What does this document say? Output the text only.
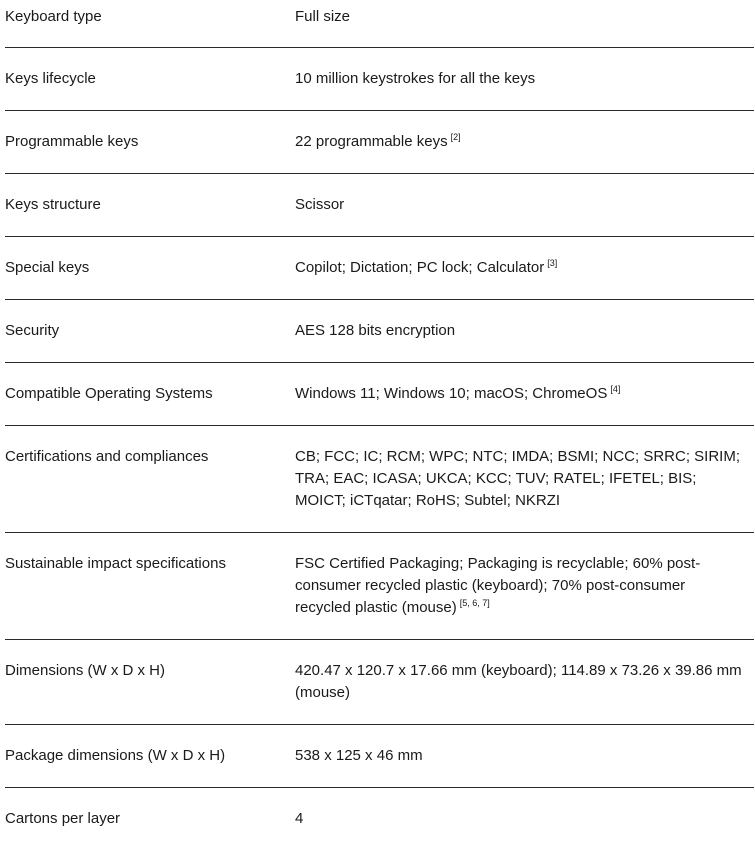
Keyboard type	Full size
Keys lifecycle	10 million keystrokes for all the keys
Programmable keys	22 programmable keys [2]
Keys structure	Scissor
Special keys	Copilot; Dictation; PC lock; Calculator [3]
Security	AES 128 bits encryption
Compatible Operating Systems	Windows 11; Windows 10; macOS; ChromeOS [4]
Certifications and compliances	CB; FCC; IC; RCM; WPC; NTC; IMDA; BSMI; NCC; SRRC; SIRIM; TRA; EAC; ICASA; UKCA; KCC; TUV; RATEL; IFETEL; BIS; MOICT; iCTqatar; RoHS; Subtel; NKRZI
Sustainable impact specifications	FSC Certified Packaging; Packaging is recyclable; 60% post-consumer recycled plastic (keyboard); 70% post-consumer recycled plastic (mouse) [5, 6, 7]
Dimensions (W x D x H)	420.47 x 120.7 x 17.66 mm (keyboard); 114.89 x 73.26 x 39.86 mm (mouse)
Package dimensions (W x D x H)	538 x 125 x 46 mm
Cartons per layer	4
